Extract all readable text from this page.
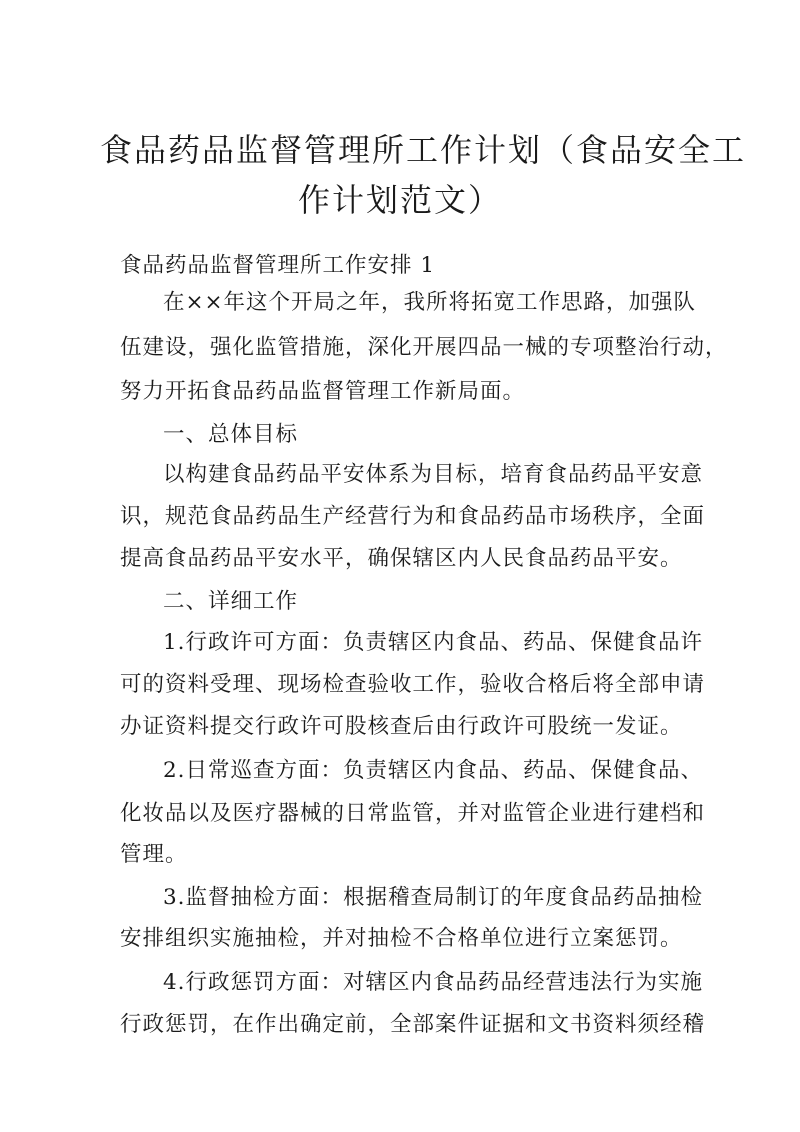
食品药品监督管理所工作计划（食品安全工
作计划范文）
食品药品监督管理所工作安排 1
在××年这个开局之年，我所将拓宽工作思路，加强队
伍建设，强化监管措施，深化开展四品一械的专项整治行动，
努力开拓食品药品监督管理工作新局面。
一、总体目标
以构建食品药品平安体系为目标，培育食品药品平安意
识，规范食品药品生产经营行为和食品药品市场秩序，全面
提高食品药品平安水平，确保辖区内人民食品药品平安。
二、详细工作
1.行政许可方面：负责辖区内食品、药品、保健食品许
可的资料受理、现场检查验收工作，验收合格后将全部申请
办证资料提交行政许可股核查后由行政许可股统一发证。
2.日常巡查方面：负责辖区内食品、药品、保健食品、
化妆品以及医疗器械的日常监管，并对监管企业进行建档和
管理。
3.监督抽检方面：根据稽查局制订的年度食品药品抽检
安排组织实施抽检，并对抽检不合格单位进行立案惩罚。
4.行政惩罚方面：对辖区内食品药品经营违法行为实施
行政惩罚，在作出确定前，全部案件证据和文书资料须经稽
